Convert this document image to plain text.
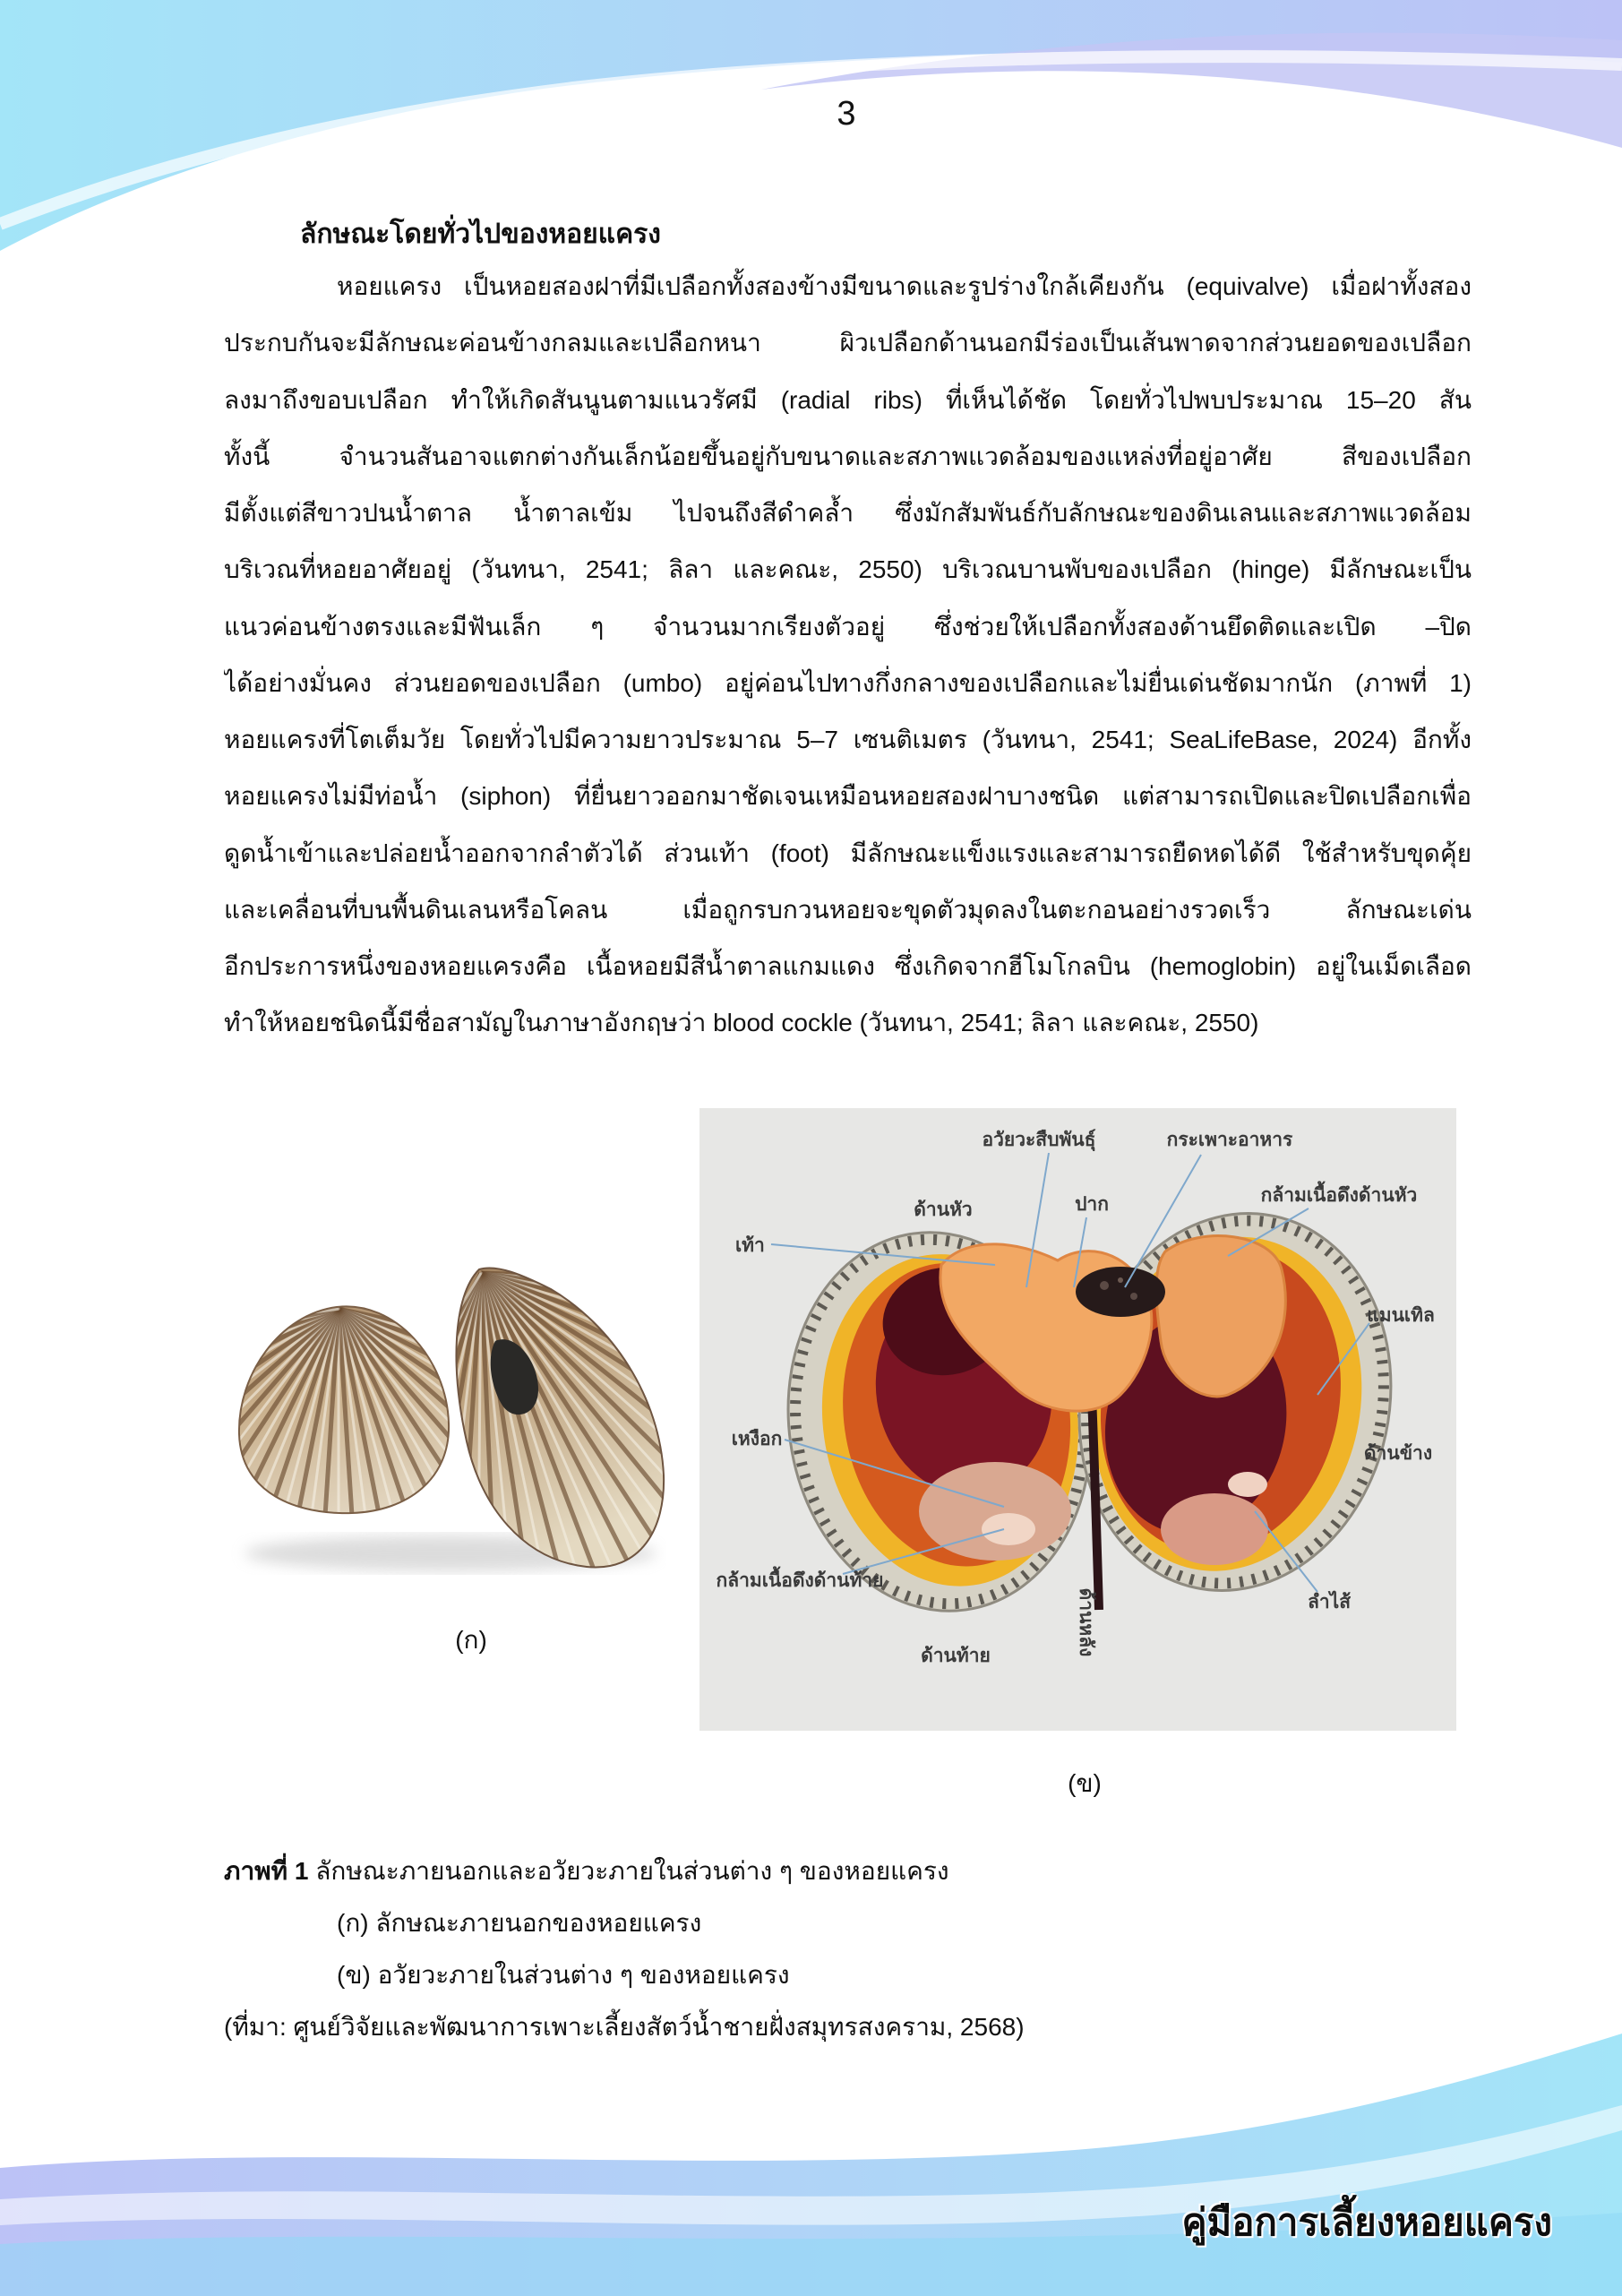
3
ลักษณะโดยทั่วไปของหอยแครง
หอยแครง เป็นหอยสองฝาที่มีเปลือกทั้งสองข้างมีขนาดและรูปร่างใกล้เคียงกัน (equivalve) เมื่อฝาทั้งสอง
ประกบกันจะมีลักษณะค่อนข้างกลมและเปลือกหนา ผิวเปลือกด้านนอกมีร่องเป็นเส้นพาดจากส่วนยอดของเปลือก
ลงมาถึงขอบเปลือก ทำให้เกิดสันนูนตามแนวรัศมี (radial ribs) ที่เห็นได้ชัด โดยทั่วไปพบประมาณ 15–20 สัน
ทั้งนี้ จำนวนสันอาจแตกต่างกันเล็กน้อยขึ้นอยู่กับขนาดและสภาพแวดล้อมของแหล่งที่อยู่อาศัย สีของเปลือก
มีตั้งแต่สีขาวปนน้ำตาล น้ำตาลเข้ม ไปจนถึงสีดำคล้ำ ซึ่งมักสัมพันธ์กับลักษณะของดินเลนและสภาพแวดล้อม
บริเวณที่หอยอาศัยอยู่ (วันทนา, 2541; ลิลา และคณะ, 2550) บริเวณบานพับของเปลือก (hinge) มีลักษณะเป็น
แนวค่อนข้างตรงและมีฟันเล็ก ๆ จำนวนมากเรียงตัวอยู่ ซึ่งช่วยให้เปลือกทั้งสองด้านยึดติดและเปิด –ปิด
ได้อย่างมั่นคง ส่วนยอดของเปลือก (umbo) อยู่ค่อนไปทางกึ่งกลางของเปลือกและไม่ยื่นเด่นชัดมากนัก (ภาพที่ 1)
หอยแครงที่โตเต็มวัย โดยทั่วไปมีความยาวประมาณ 5–7 เซนติเมตร (วันทนา, 2541; SeaLifeBase, 2024) อีกทั้ง
หอยแครงไม่มีท่อน้ำ (siphon) ที่ยื่นยาวออกมาชัดเจนเหมือนหอยสองฝาบางชนิด แต่สามารถเปิดและปิดเปลือกเพื่อ
ดูดน้ำเข้าและปล่อยน้ำออกจากลำตัวได้ ส่วนเท้า (foot) มีลักษณะแข็งแรงและสามารถยืดหดได้ดี ใช้สำหรับขุดคุ้ย
และเคลื่อนที่บนพื้นดินเลนหรือโคลน เมื่อถูกรบกวนหอยจะขุดตัวมุดลงในตะกอนอย่างรวดเร็ว ลักษณะเด่น
อีกประการหนึ่งของหอยแครงคือ เนื้อหอยมีสีน้ำตาลแกมแดง ซึ่งเกิดจากฮีโมโกลบิน (hemoglobin) อยู่ในเม็ดเลือด
ทำให้หอยชนิดนี้มีชื่อสามัญในภาษาอังกฤษว่า blood cockle (วันทนา, 2541; ลิลา และคณะ, 2550)
เท้า
อวัยวะสืบพันธุ์	กระเพาะอาหาร
ด้านหัว	ปาก	กล้ามเนื้อดึงด้านหัว
แมนเทิล
เหงือก
ด้านข้าง
กล้ามเนื้อดึงด้านท้าย
ด้านหลัง	ลำไส้
ด้านท้าย
(ก)
(ข)
ภาพที่ 1 ลักษณะภายนอกและอวัยวะภายในส่วนต่าง ๆ ของหอยแครง
(ก) ลักษณะภายนอกของหอยแครง
(ข) อวัยวะภายในส่วนต่าง ๆ ของหอยแครง
(ที่มา: ศูนย์วิจัยและพัฒนาการเพาะเลี้ยงสัตว์น้ำชายฝั่งสมุทรสงคราม, 2568)
คู่มือการเลี้ยงหอยแครง
